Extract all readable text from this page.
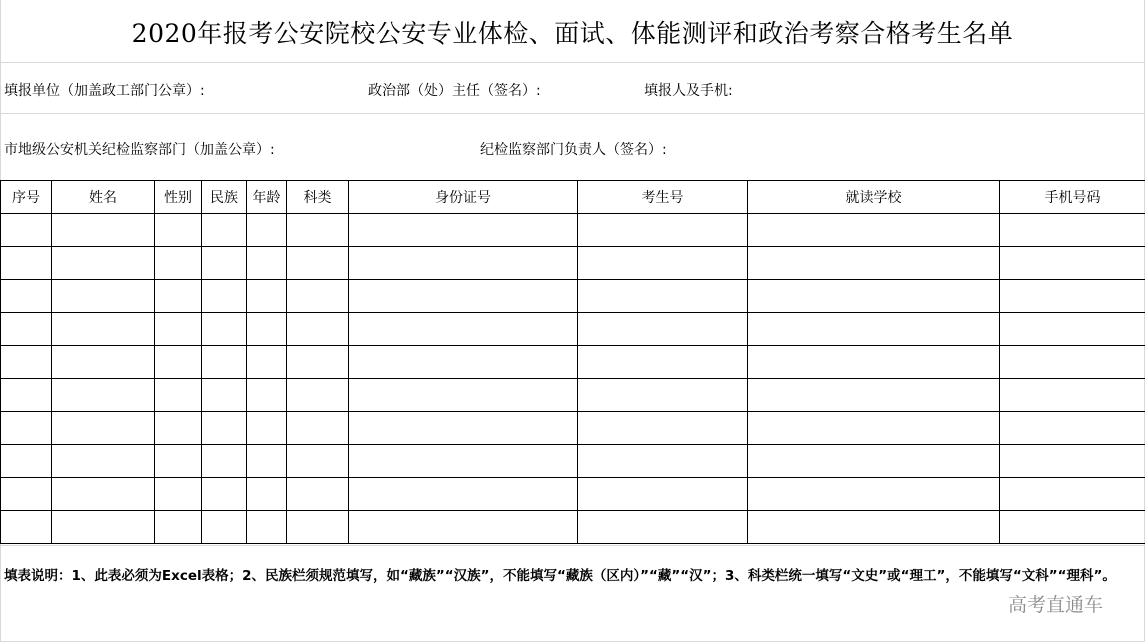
2020年报考公安院校公安专业体检、面试、体能测评和政治考察合格考生名单
填报单位（加盖政工部门公章）:	政治部（处）主任（签名）:	填报人及手机:
市地级公安机关纪检监察部门（加盖公章）:	纪检监察部门负责人（签名）:
序号	姓名	性别	民族	年龄	科类	身份证号	考生号	就读学校	手机号码

填表说明：1、此表必须为Excel表格；2、民族栏须规范填写，如“藏族”“汉族”，不能填写“藏族（区内）”“藏”“汉”；3、科类栏统一填写“文史”或“理工”，不能填写“文科”“理科”。
高考直通车
